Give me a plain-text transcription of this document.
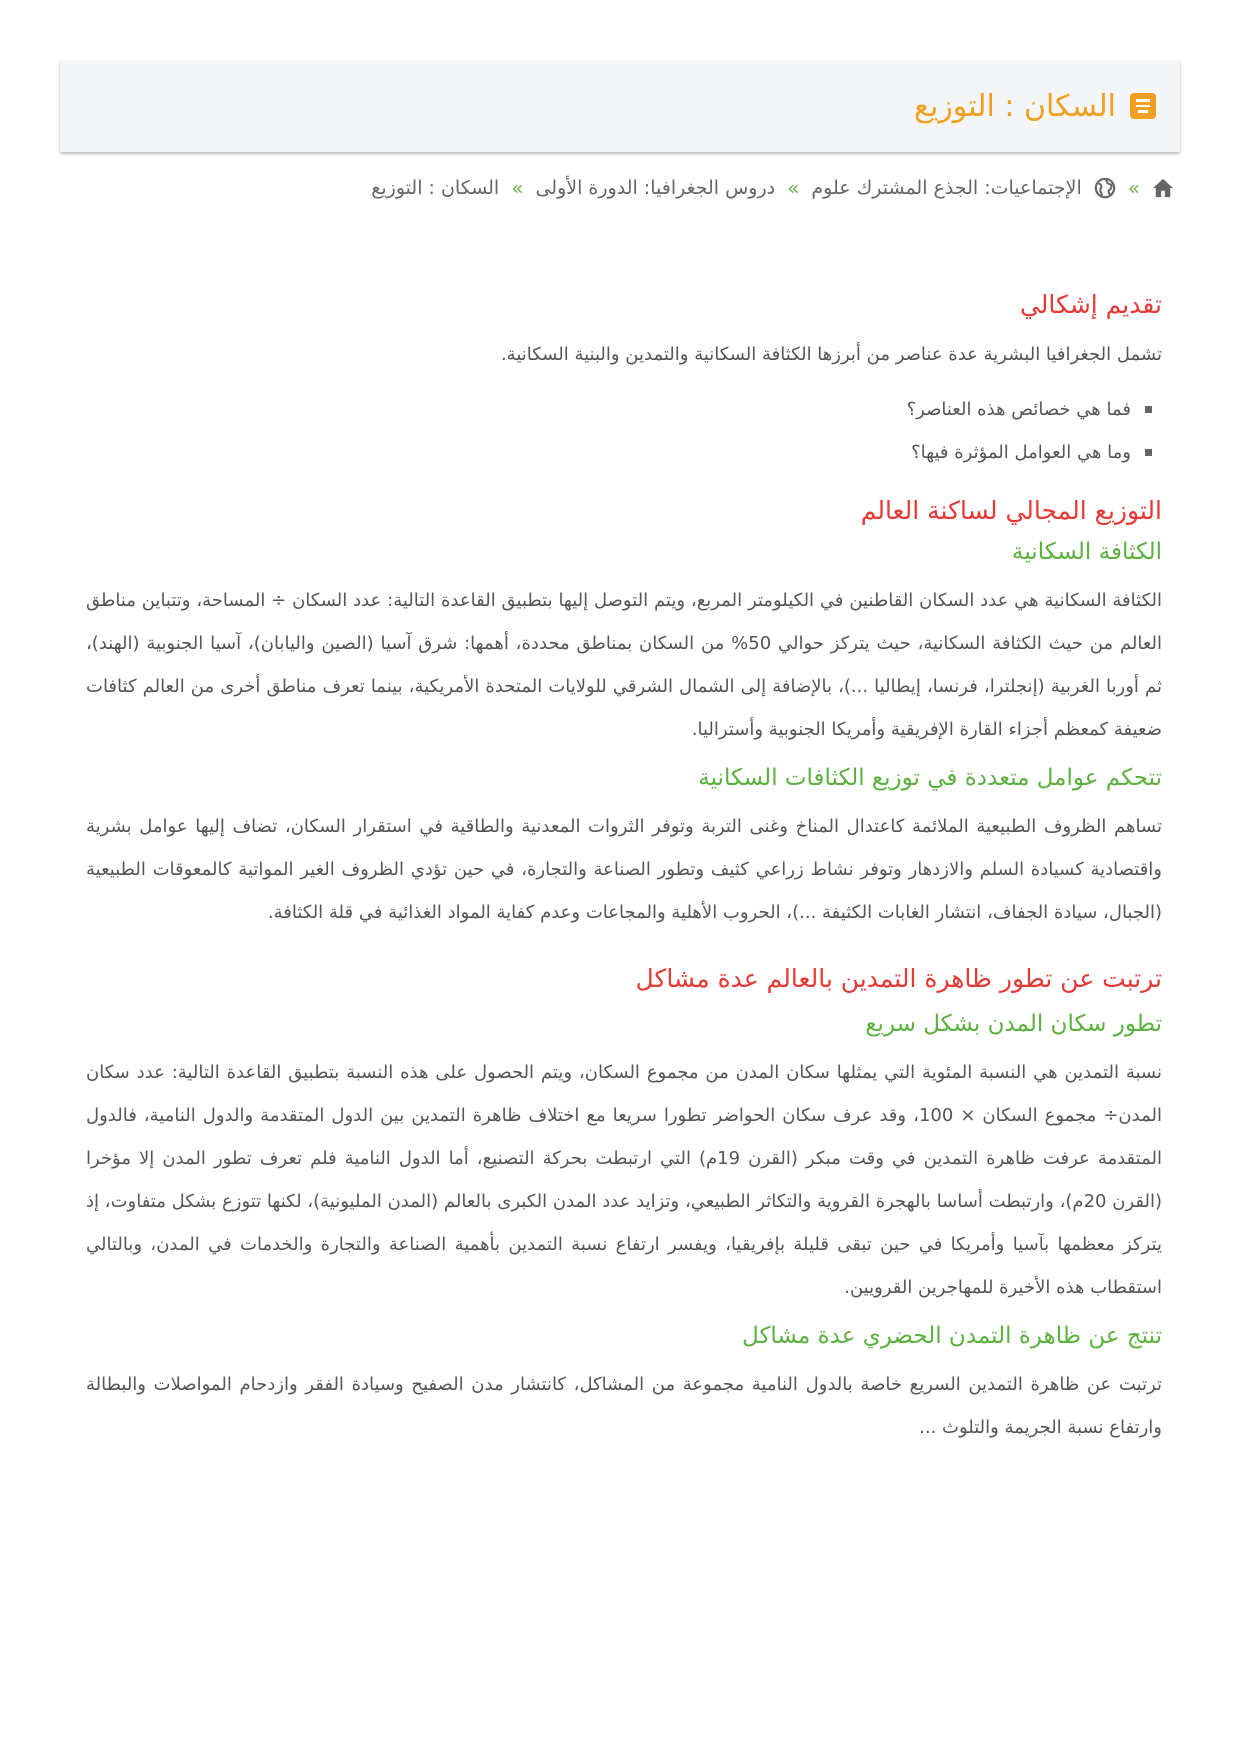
السكان : التوزيع
»
الإجتماعيات: الجذع المشترك علوم
»
دروس الجغرافيا: الدورة الأولى
»
السكان : التوزيع
تقديم إشكالي

تشمل الجغرافيا البشرية عدة عناصر من أبرزها الكثافة السكانية والتمدين والبنية السكانية.

فما هي خصائص هذه العناصر؟
وما هي العوامل المؤثرة فيها؟
التوزيع المجالي لساكنة العالم
الكثافة السكانية

الكثافة السكانية هي عدد السكان القاطنين في الكيلومتر المربع، ويتم التوصل إليها بتطبيق القاعدة التالية: عدد السكان ÷ المساحة، وتتباين مناطق العالم من حيث الكثافة السكانية، حيث يتركز حوالي 50% من السكان بمناطق محددة، أهمها: شرق آسيا (الصين واليابان)، آسيا الجنوبية (الهند)، ثم أوربا الغربية (إنجلترا، فرنسا، إيطاليا ...)، بالإضافة إلى الشمال الشرقي للولايات المتحدة الأمريكية، بينما تعرف مناطق أخرى من العالم كثافات ضعيفة كمعظم أجزاء القارة الإفريقية وأمريكا الجنوبية وأستراليا.

تتحكم عوامل متعددة في توزيع الكثافات السكانية

تساهم الظروف الطبيعية الملائمة كاعتدال المناخ وغنى التربة وتوفر الثروات المعدنية والطاقية في استقرار السكان، تضاف إليها عوامل بشرية واقتصادية كسيادة السلم والازدهار وتوفر نشاط زراعي كثيف وتطور الصناعة والتجارة، في حين تؤدي الظروف الغير المواتية كالمعوقات الطبيعية (الجبال، سيادة الجفاف، انتشار الغابات الكثيفة ...)، الحروب الأهلية والمجاعات وعدم كفاية المواد الغذائية في قلة الكثافة.

ترتبت عن تطور ظاهرة التمدين بالعالم عدة مشاكل
تطور سكان المدن بشكل سريع

نسبة التمدين هي النسبة المئوية التي يمثلها سكان المدن من مجموع السكان، ويتم الحصول على هذه النسبة بتطبيق القاعدة التالية: عدد سكان المدن÷ مجموع السكان × 100، وقد عرف سكان الحواضر تطورا سريعا مع اختلاف ظاهرة التمدين بين الدول المتقدمة والدول النامية، فالدول المتقدمة عرفت ظاهرة التمدين في وقت مبكر (القرن 19م) التي ارتبطت بحركة التصنيع، أما الدول النامية فلم تعرف تطور المدن إلا مؤخرا (القرن 20م)، وارتبطت أساسا بالهجرة القروية والتكاثر الطبيعي، وتزايد عدد المدن الكبرى بالعالم (المدن المليونية)، لكنها تتوزع بشكل متفاوت، إذ يتركز معظمها بآسيا وأمريكا في حين تبقى قليلة بإفريقيا، ويفسر ارتفاع نسبة التمدين بأهمية الصناعة والتجارة والخدمات في المدن، وبالتالي استقطاب هذه الأخيرة للمهاجرين القرويين.

تنتج عن ظاهرة التمدن الحضري عدة مشاكل

ترتبت عن ظاهرة التمدين السريع خاصة بالدول النامية مجموعة من المشاكل، كانتشار مدن الصفيح وسيادة الفقر وازدحام المواصلات والبطالة وارتفاع نسبة الجريمة والتلوث ...
